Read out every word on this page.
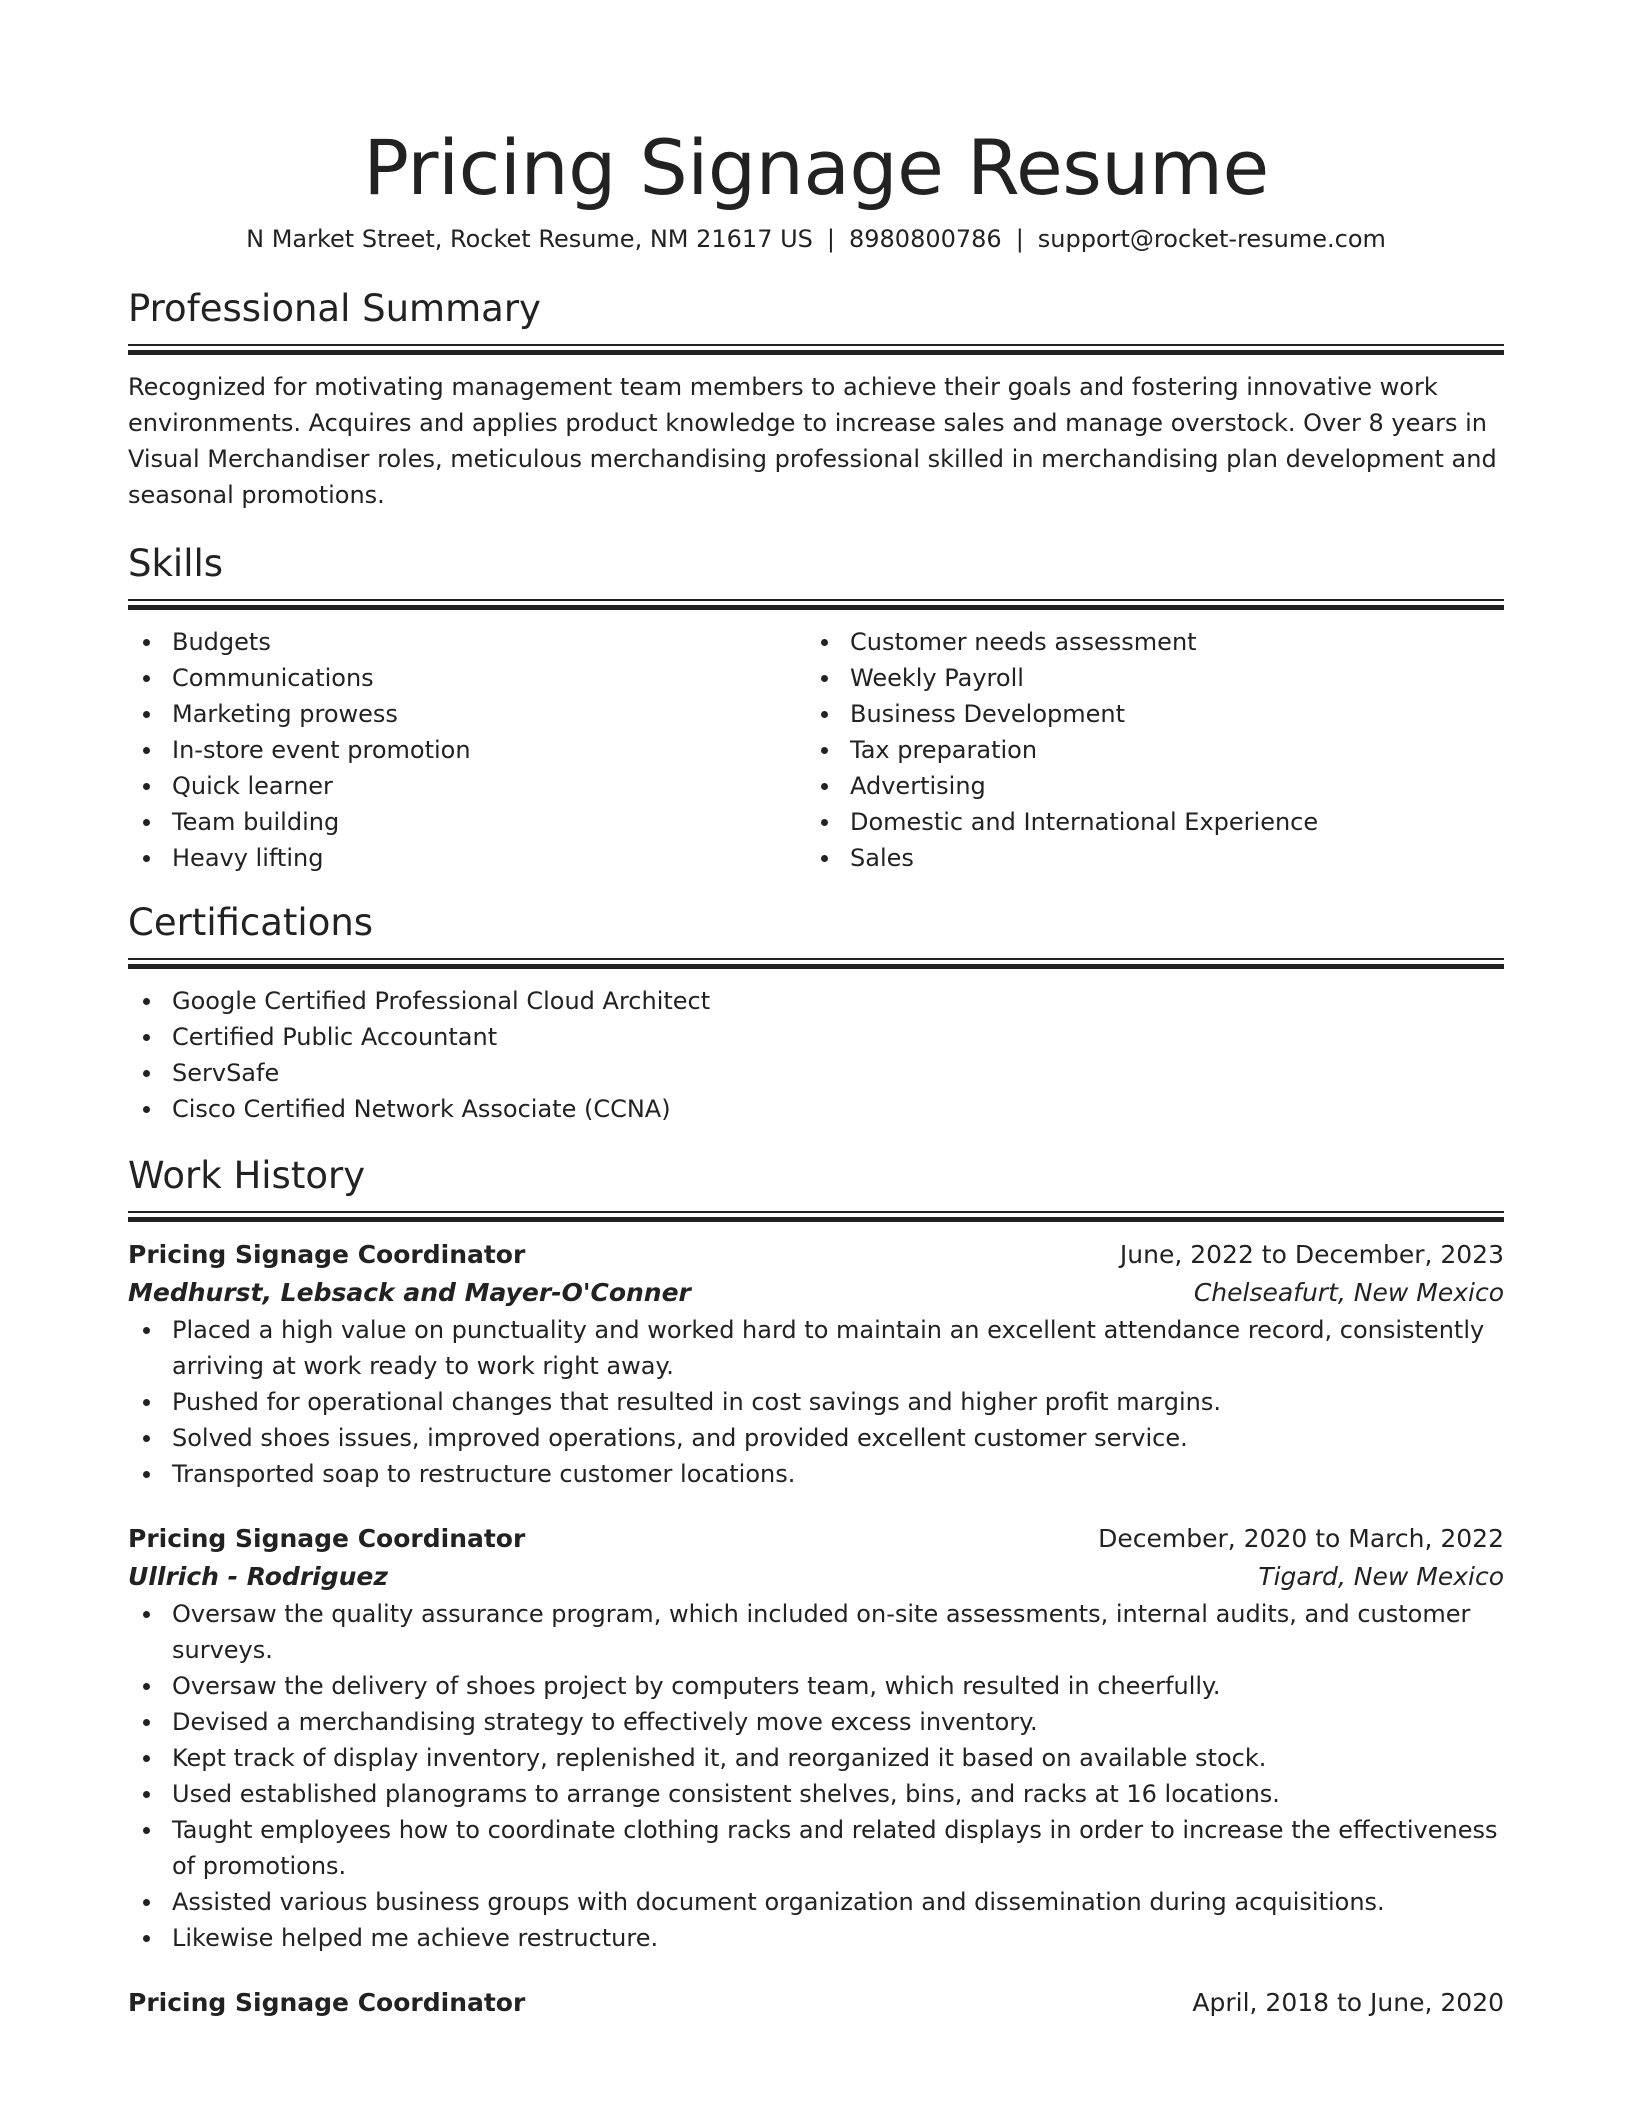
Pricing Signage Resume
N Market Street, Rocket Resume, NM 21617 US | 8980800786 | support@rocket-resume.com
Professional Summary

Recognized for motivating management team members to achieve their goals and fostering innovative work environments. Acquires and applies product knowledge to increase sales and manage overstock. Over 8 years in Visual Merchandiser roles, meticulous merchandising professional skilled in merchandising plan development and seasonal promotions.

Skills
Budgets
Communications
Marketing prowess
In-store event promotion
Quick learner
Team building
Heavy lifting
Customer needs assessment
Weekly Payroll
Business Development
Tax preparation
Advertising
Domestic and International Experience
Sales
Certifications
Google Certified Professional Cloud Architect
Certified Public Accountant
ServSafe
Cisco Certified Network Associate (CCNA)
Work History
Pricing Signage Coordinator	June, 2022 to December, 2023
Medhurst, Lebsack and Mayer-O'Conner	Chelseafurt, New Mexico
Placed a high value on punctuality and worked hard to maintain an excellent attendance record, consistently arriving at work ready to work right away.
Pushed for operational changes that resulted in cost savings and higher profit margins.
Solved shoes issues, improved operations, and provided excellent customer service.
Transported soap to restructure customer locations.
Pricing Signage Coordinator	December, 2020 to March, 2022
Ullrich - Rodriguez	Tigard, New Mexico
Oversaw the quality assurance program, which included on-site assessments, internal audits, and customer surveys.
Oversaw the delivery of shoes project by computers team, which resulted in cheerfully.
Devised a merchandising strategy to effectively move excess inventory.
Kept track of display inventory, replenished it, and reorganized it based on available stock.
Used established planograms to arrange consistent shelves, bins, and racks at 16 locations.
Taught employees how to coordinate clothing racks and related displays in order to increase the effectiveness of promotions.
Assisted various business groups with document organization and dissemination during acquisitions.
Likewise helped me achieve restructure.
Pricing Signage Coordinator	April, 2018 to June, 2020
